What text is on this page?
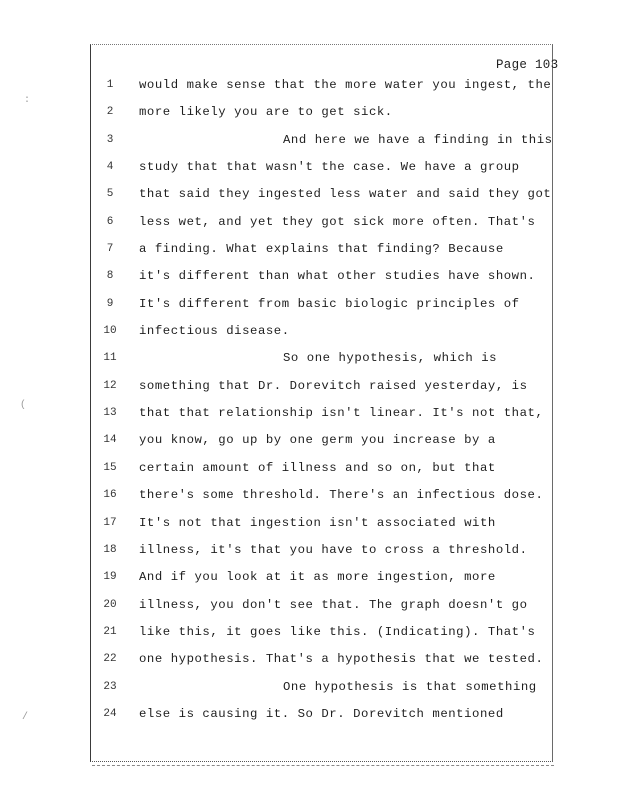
:
(
/
Page 103
1	would make sense that the more water you ingest, the
2	more likely you are to get sick.
3	And here we have a finding in this
4	study that that wasn't the case. We have a group
5	that said they ingested less water and said they got
6	less wet, and yet they got sick more often. That's
7	a finding. What explains that finding? Because
8	it's different than what other studies have shown.
9	It's different from basic biologic principles of
10 infectious disease.
11	So one hypothesis, which is
12 something that Dr. Dorevitch raised yesterday, is
13 that that relationship isn't linear. It's not that,
14 you know, go up by one germ you increase by a
15 certain amount of illness and so on, but that
16 there's some threshold. There's an infectious dose.
17 It's not that ingestion isn't associated with
18 illness, it's that you have to cross a threshold.
19 And if you look at it as more ingestion, more
20 illness, you don't see that. The graph doesn't go
21 like this, it goes like this. (Indicating). That's
22 one hypothesis. That's a hypothesis that we tested.
23	One hypothesis is that something
24 else is causing it. So Dr. Dorevitch mentioned
